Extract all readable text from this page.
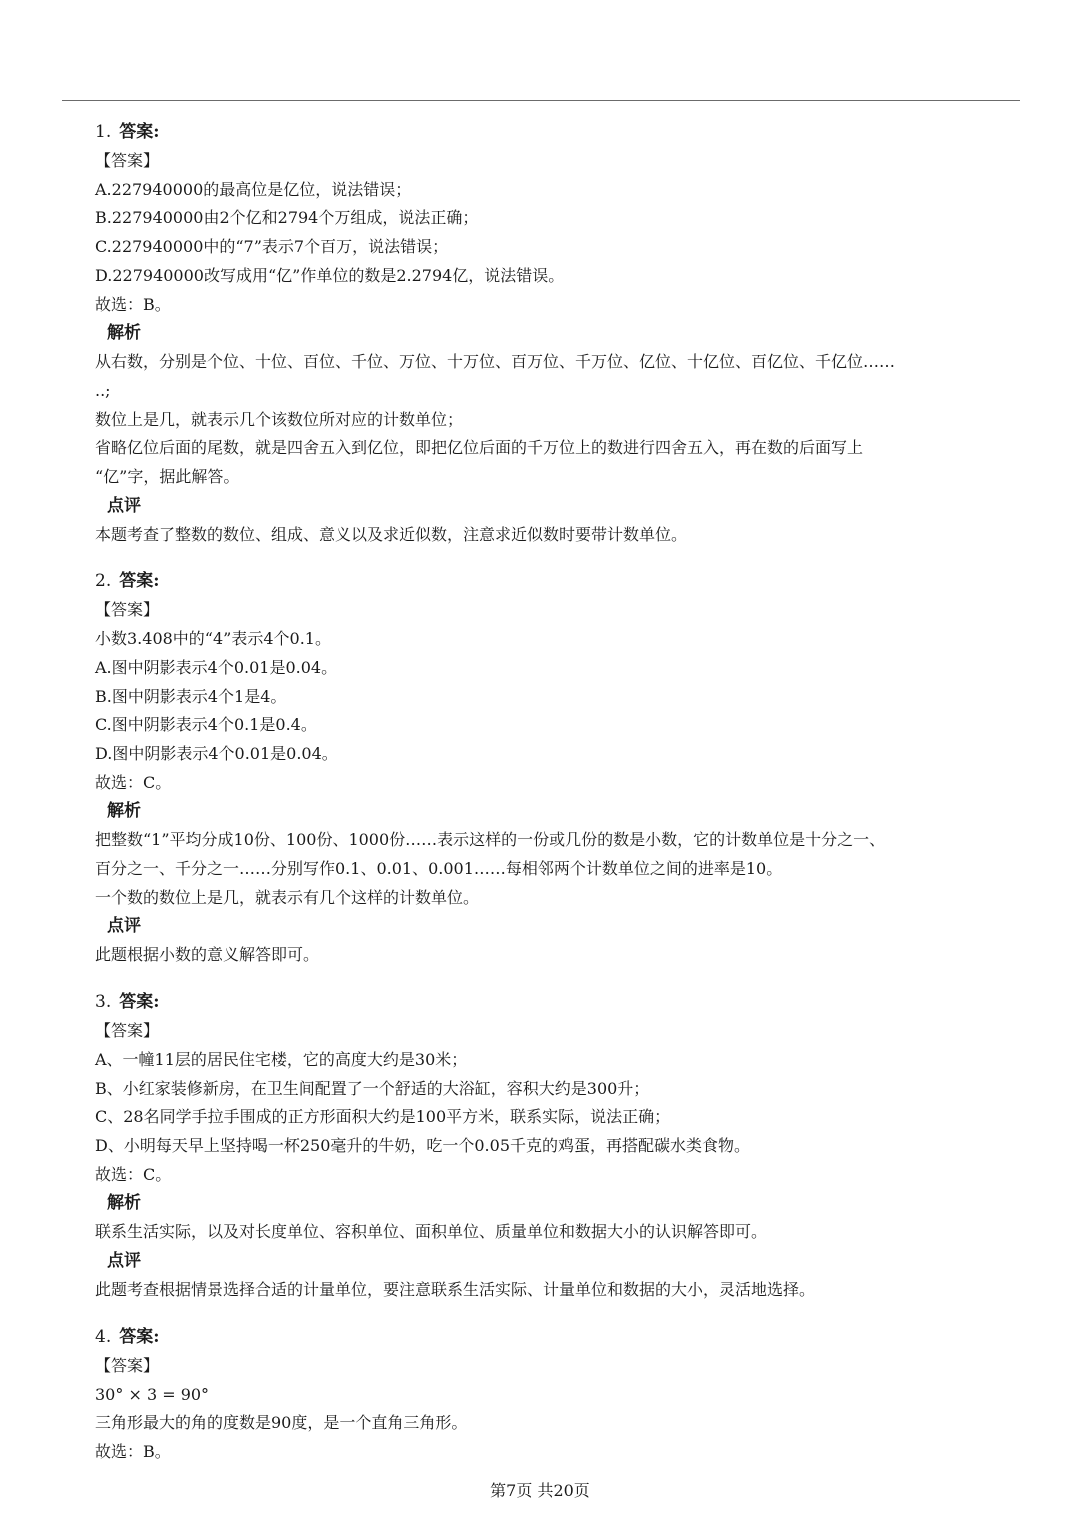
1. 答案:
【答案】
A.227940000的最高位是亿位，说法错误；
B.227940000由2个亿和2794个万组成，说法正确；
C.227940000中的“7”表示7个百万，说法错误；
D.227940000改写成用“亿”作单位的数是2.2794亿，说法错误。
故选：B。
解析
从右数，分别是个位、十位、百位、千位、万位、十万位、百万位、千万位、亿位、十亿位、百亿位、千亿位……
..;
数位上是几，就表示几个该数位所对应的计数单位；
省略亿位后面的尾数，就是四舍五入到亿位，即把亿位后面的千万位上的数进行四舍五入，再在数的后面写上
“亿”字，据此解答。
点评
本题考查了整数的数位、组成、意义以及求近似数，注意求近似数时要带计数单位。
2. 答案:
【答案】
小数3.408中的“4”表示4个0.1。
A.图中阴影表示4个0.01是0.04。
B.图中阴影表示4个1是4。
C.图中阴影表示4个0.1是0.4。
D.图中阴影表示4个0.01是0.04。
故选：C。
解析
把整数“1”平均分成10份、100份、1000份……表示这样的一份或几份的数是小数，它的计数单位是十分之一、
百分之一、千分之一……分别写作0.1、0.01、0.001……每相邻两个计数单位之间的进率是10。
一个数的数位上是几，就表示有几个这样的计数单位。
点评
此题根据小数的意义解答即可。
3. 答案:
【答案】
A、一幢11层的居民住宅楼，它的高度大约是30米；
B、小红家装修新房，在卫生间配置了一个舒适的大浴缸，容积大约是300升；
C、28名同学手拉手围成的正方形面积大约是100平方米，联系实际，说法正确；
D、小明每天早上坚持喝一杯250毫升的牛奶，吃一个0.05千克的鸡蛋，再搭配碳水类食物。
故选：C。
解析
联系生活实际，以及对长度单位、容积单位、面积单位、质量单位和数据大小的认识解答即可。
点评
此题考查根据情景选择合适的计量单位，要注意联系生活实际、计量单位和数据的大小，灵活地选择。
4. 答案:
【答案】
30° × 3 = 90°
三角形最大的角的度数是90度，是一个直角三角形。
故选：B。
第7页 共20页
